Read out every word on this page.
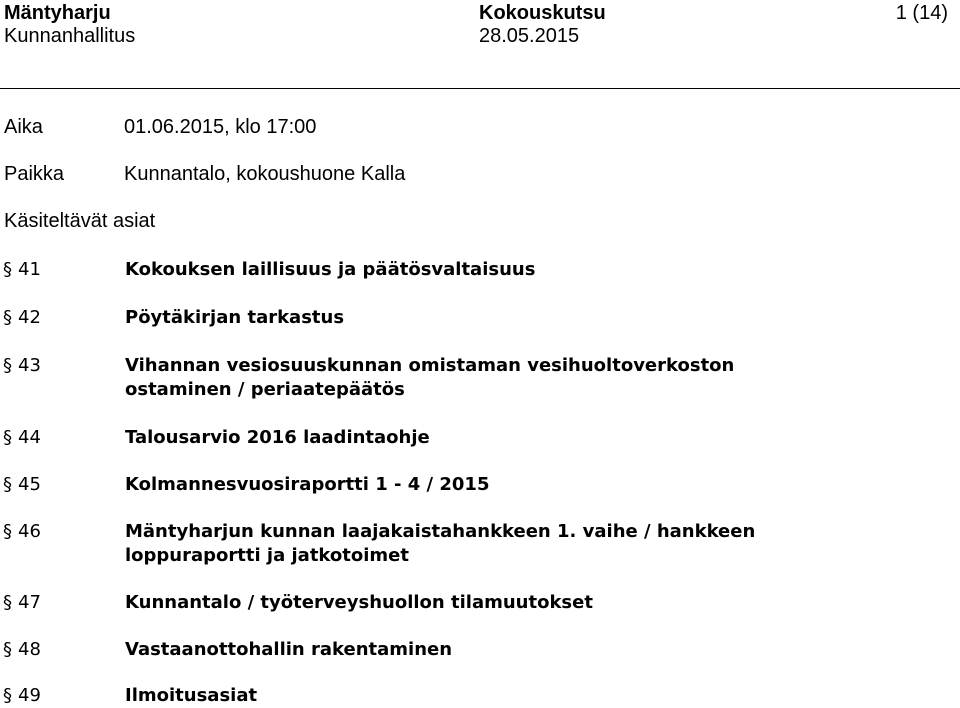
Mäntyharju
Kunnanhallitus
Kokouskutsu
28.05.2015
1 (14)
Aika	01.06.2015, klo 17:00
Paikka	Kunnantalo, kokoushuone Kalla
Käsiteltävät asiat
§ 41	Kokouksen laillisuus ja päätösvaltaisuus
§ 42	Pöytäkirjan tarkastus
§ 43	Vihannan vesiosuuskunnan omistaman vesihuoltoverkoston ostaminen / periaatepäätös
§ 44	Talousarvio 2016 laadintaohje
§ 45	Kolmannesvuosiraportti 1 - 4 / 2015
§ 46	Mäntyharjun kunnan laajakaistahankkeen 1. vaihe / hankkeen loppuraportti ja jatkotoimet
§ 47	Kunnantalo / työterveyshuollon tilamuutokset
§ 48	Vastaanottohallin rakentaminen
§ 49	Ilmoitusasiat
